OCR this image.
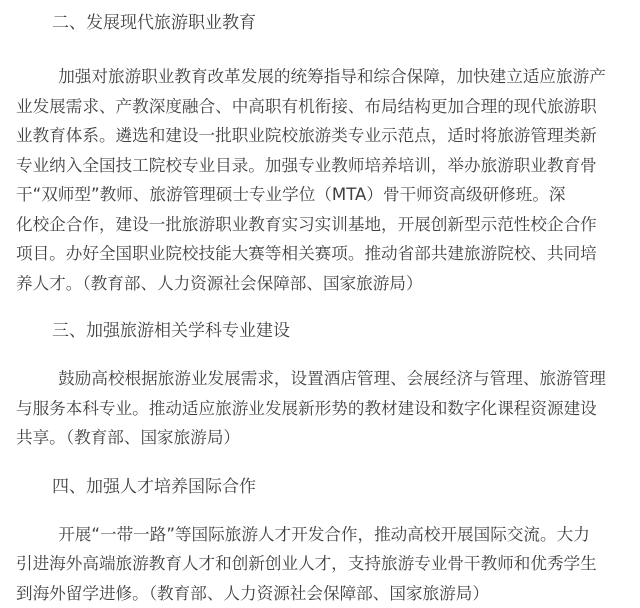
二、发展现代旅游职业教育

加强对旅游职业教育改革发展的统筹指导和综合保障，加快建立适应旅游产
业发展需求、产教深度融合、中高职有机衔接、布局结构更加合理的现代旅游职
业教育体系。遴选和建设一批职业院校旅游类专业示范点，适时将旅游管理类新
专业纳入全国技工院校专业目录。加强专业教师培养培训，举办旅游职业教育骨
干“双师型”教师、旅游管理硕士专业学位（MTA）骨干师资高级研修班。深
化校企合作，建设一批旅游职业教育实习实训基地，开展创新型示范性校企合作
项目。办好全国职业院校技能大赛等相关赛项。推动省部共建旅游院校、共同培
养人才。（教育部、人力资源社会保障部、国家旅游局）

三、加强旅游相关学科专业建设

鼓励高校根据旅游业发展需求，设置酒店管理、会展经济与管理、旅游管理
与服务本科专业。推动适应旅游业发展新形势的教材建设和数字化课程资源建设
共享。（教育部、国家旅游局）

四、加强人才培养国际合作

开展“一带一路”等国际旅游人才开发合作，推动高校开展国际交流。大力
引进海外高端旅游教育人才和创新创业人才，支持旅游专业骨干教师和优秀学生
到海外留学进修。（教育部、人力资源社会保障部、国家旅游局）
